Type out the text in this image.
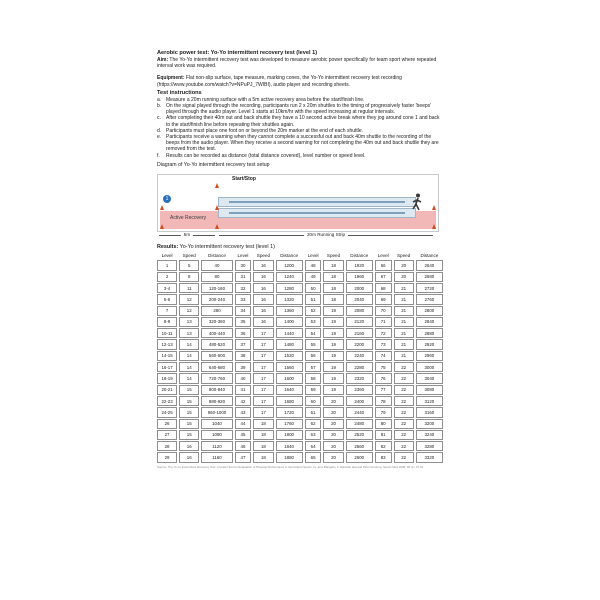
Aerobic power test: Yo-Yo intermittent recovery test (level 1)

Aim: The Yo-Yo intermittent recovery test was developed to measure aerobic power specifically for team sport where repeated interval work was required.

Equipment: Flat non-slip surface, tape measure, marking cones, the Yo-Yo intermittent recovery test recording (https://www.youtube.com/watch?v=NPuPJ_7WIBI), audio player and recording sheets.

Test instructions

a. Measure a 20m running surface with a 5m active recovery area before the start/finish line.
b. On the signal played through the recording, participants run 2 x 20m shuttles to the timing of progressively faster 'beeps' played through the audio player. Level 1 starts at 10km/hr with the speed increasing at regular intervals.
c.	After completing their 40m out and back shuttle they have a 10 second active break where they jog around cone 1 and back to the start/finish line before repeating their shuttles again.
d. Participants must place one foot on or beyond the 20m marker at the end of each shuttle.
e. Participants receive a warning when they cannot complete a successful out and back 40m shuttle to the recording of the beeps from the audio player. When they receive a second warning for not completing the 40m out and back shuttle they are removed from the test.
f.	Results can be recorded as distance (total distance covered), level number or speed level.
Diagram of Yo-Yo intermittent recovery test setup
Active Recovery
Start/Stop
1
5m	20m Running Strip
Results: Yo-Yo intermittent recovery test (level 1)
Level	Speed	Distance	Level	Speed	Distance	Level	Speed	Distance	Level	Speed	Distance
1	5	40	30	16	1200	48	18	1920	66	20	2640
2	8	80	31	16	1240	49	18	1960	67	20	2680
3-4	11	120-160	32	16	1280	50	18	2000	68	21	2720
5-6	12	200-240	33	16	1320	51	18	2040	69	21	2760
7	12	280	34	16	1360	52	19	2080	70	21	2800
8-9	13	320-360	35	16	1400	53	19	2120	71	21	2840
10-11	13	400-440	36	17	1440	54	19	2160	72	21	2880
12-13	14	480-520	37	17	1480	55	19	2200	73	21	2920
14-15	14	560-600	38	17	1520	56	19	2240	74	21	2960
16-17	14	640-680	39	17	1560	57	19	2280	75	22	3000
18-19	14	720-760	40	17	1600	58	19	2320	76	22	3040
20-21	15	800-840	41	17	1640	59	19	2360	77	22	3080
22-23	15	880-920	42	17	1680	60	20	2400	78	22	3120
24-25	15	960-1000	43	17	1720	61	20	2440	79	22	3160
26	15	1040	44	18	1760	62	20	2480	80	22	3200
27	15	1080	45	18	1800	63	20	2520	81	22	3240
28	16	1120	46	18	1840	64	20	2560	82	22	3280
29	16	1160	47	18	1880	65	20	2600	83	22	3320
Source: The Yo-Yo Intermittent Recovery Test: A Useful Tool for Evaluation of Physical Performance in Intermittent Sports, by Jens Bangsbo, F. Marcello Iaia and Peter Krustrup, Sports Med 2008; 38 (1): 37-51
